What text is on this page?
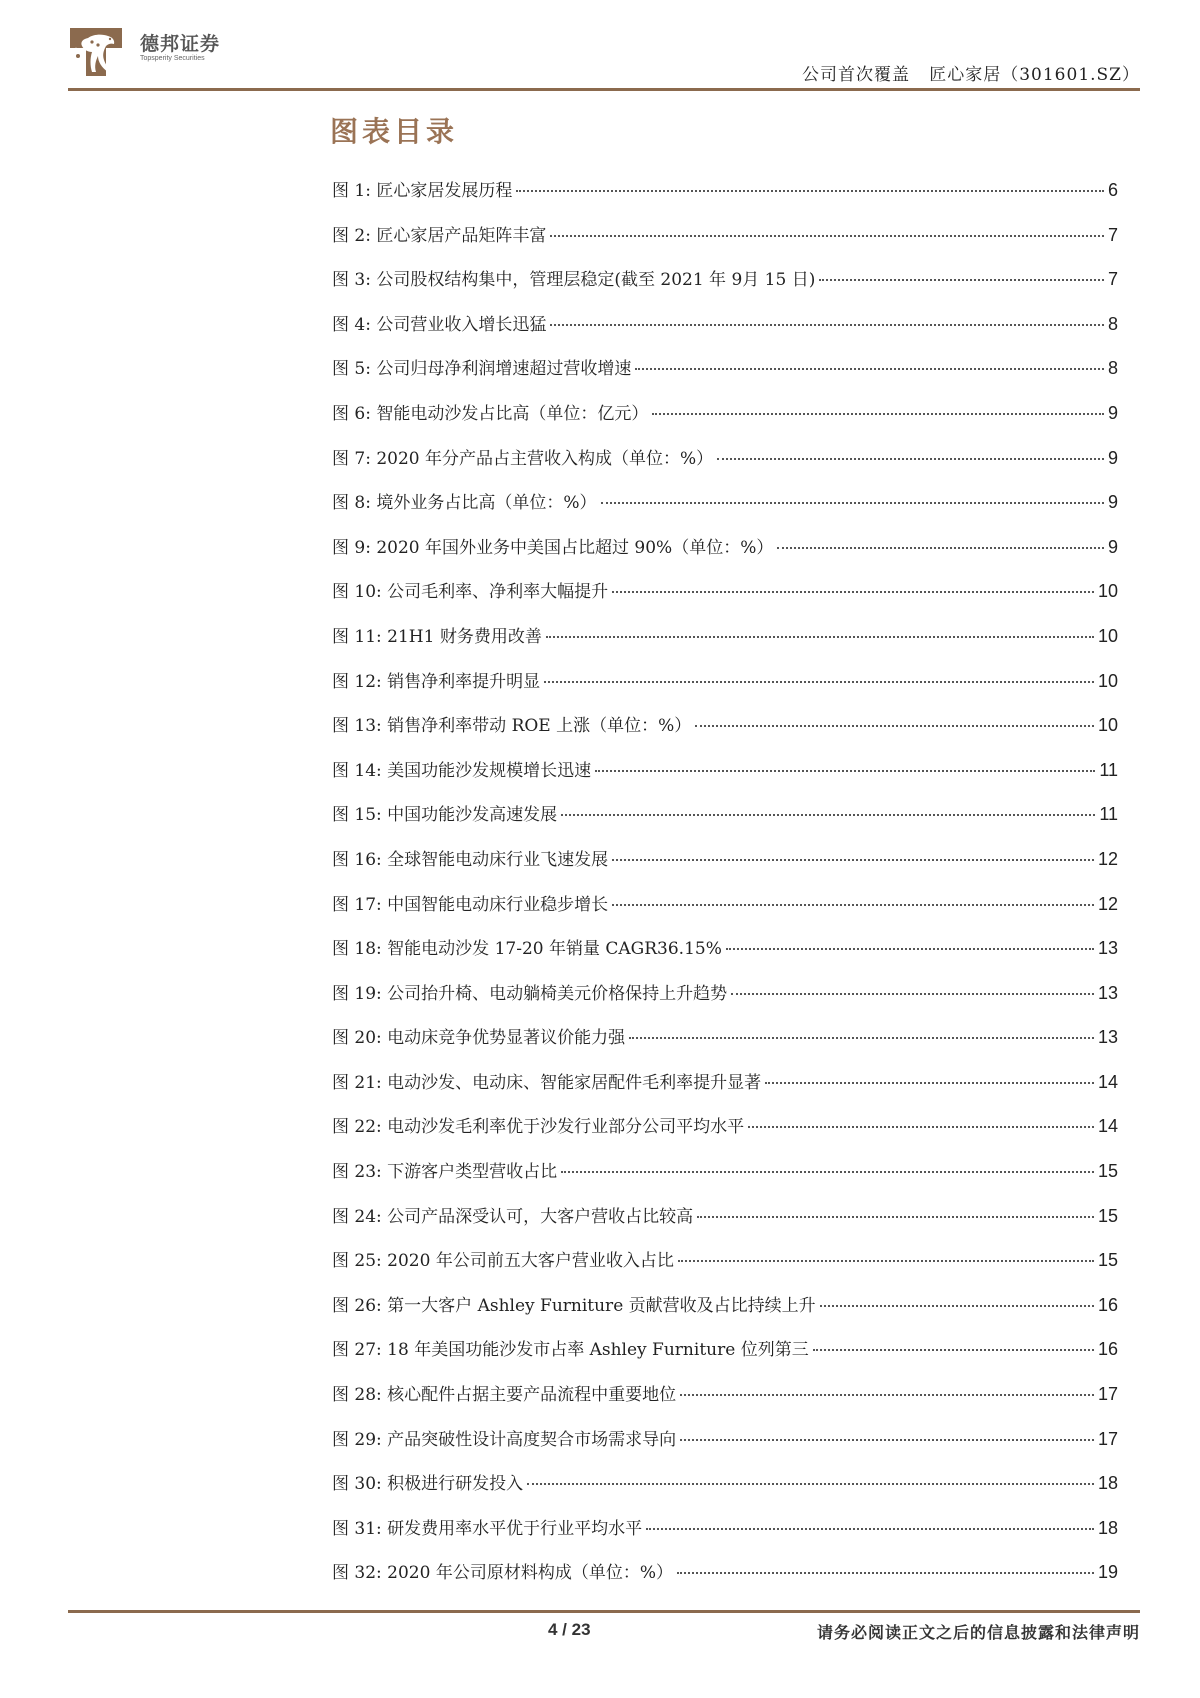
德邦证券
Topsperity Securities
公司首次覆盖 匠心家居（301601.SZ）
图表目录
图 1: 匠心家居发展历程	6
图 2: 匠心家居产品矩阵丰富	7
图 3: 公司股权结构集中，管理层稳定(截至 2021 年 9月 15 日)	7
图 4: 公司营业收入增长迅猛	8
图 5: 公司归母净利润增速超过营收增速	8
图 6: 智能电动沙发占比高（单位：亿元）	9
图 7: 2020 年分产品占主营收入构成（单位：%）	9
图 8: 境外业务占比高（单位：%）	9
图 9: 2020 年国外业务中美国占比超过 90%（单位：%）	9
图 10: 公司毛利率、净利率大幅提升	10
图 11: 21H1 财务费用改善	10
图 12: 销售净利率提升明显	10
图 13: 销售净利率带动 ROE 上涨（单位：%）	10
图 14: 美国功能沙发规模增长迅速	11
图 15: 中国功能沙发高速发展	11
图 16: 全球智能电动床行业飞速发展	12
图 17: 中国智能电动床行业稳步增长	12
图 18: 智能电动沙发 17-20 年销量 CAGR36.15%	13
图 19: 公司抬升椅、电动躺椅美元价格保持上升趋势	13
图 20: 电动床竞争优势显著议价能力强	13
图 21: 电动沙发、电动床、智能家居配件毛利率提升显著	14
图 22: 电动沙发毛利率优于沙发行业部分公司平均水平	14
图 23: 下游客户类型营收占比	15
图 24: 公司产品深受认可，大客户营收占比较高	15
图 25: 2020 年公司前五大客户营业收入占比	15
图 26: 第一大客户 Ashley Furniture 贡献营收及占比持续上升	16
图 27: 18 年美国功能沙发市占率 Ashley Furniture 位列第三	16
图 28: 核心配件占据主要产品流程中重要地位	17
图 29: 产品突破性设计高度契合市场需求导向	17
图 30: 积极进行研发投入	18
图 31: 研发费用率水平优于行业平均水平	18
图 32: 2020 年公司原材料构成（单位：%）	19
4 / 23	请务必阅读正文之后的信息披露和法律声明
